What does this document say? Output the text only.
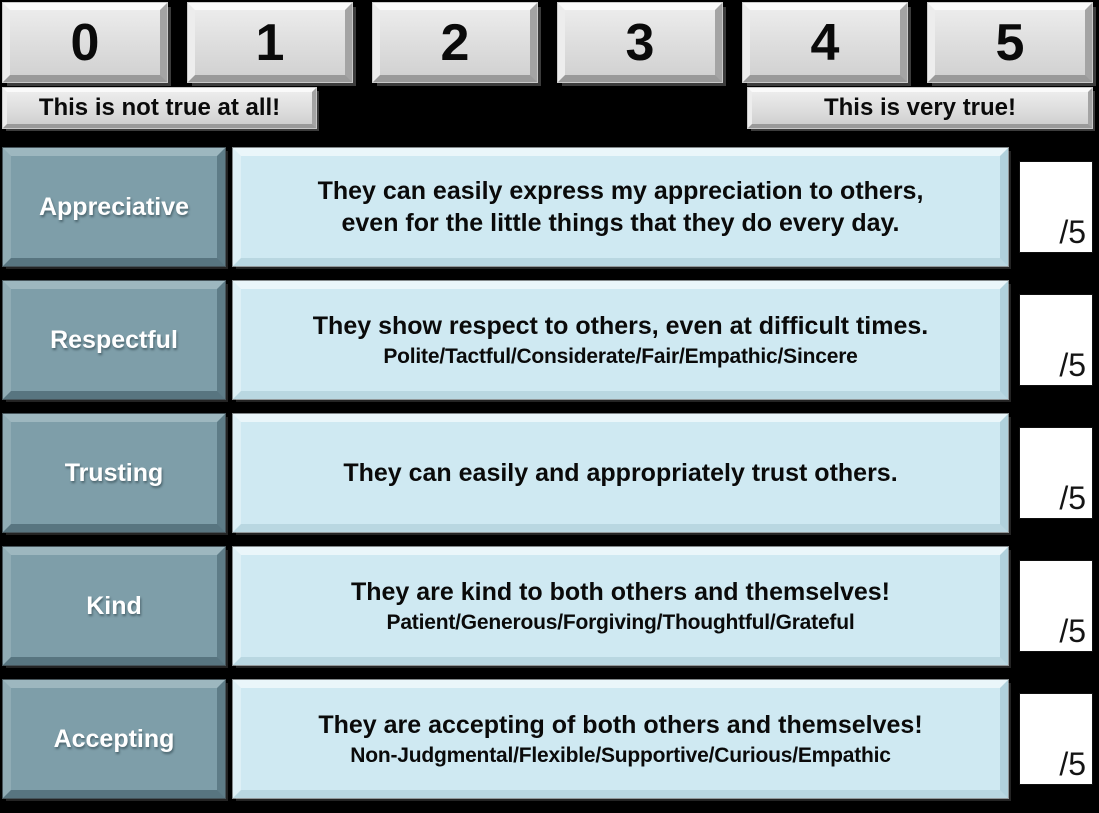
0	1	2	3	4	5
This is not true at all!	This is very true!
Appreciative
They can easily express my appreciation to others,
even for the little things that they do every day.	/5
Respectful	They show respect to others, even at difficult times.
Polite/Tactful/Considerate/Fair/Empathic/Sincere	/5
Trusting	They can easily and appropriately trust others.
/5
Kind	They are kind to both others and themselves!
Patient/Generous/Forgiving/Thoughtful/Grateful	/5
Accepting	They are accepting of both others and themselves!
Non-Judgmental/Flexible/Supportive/Curious/Empathic	/5
